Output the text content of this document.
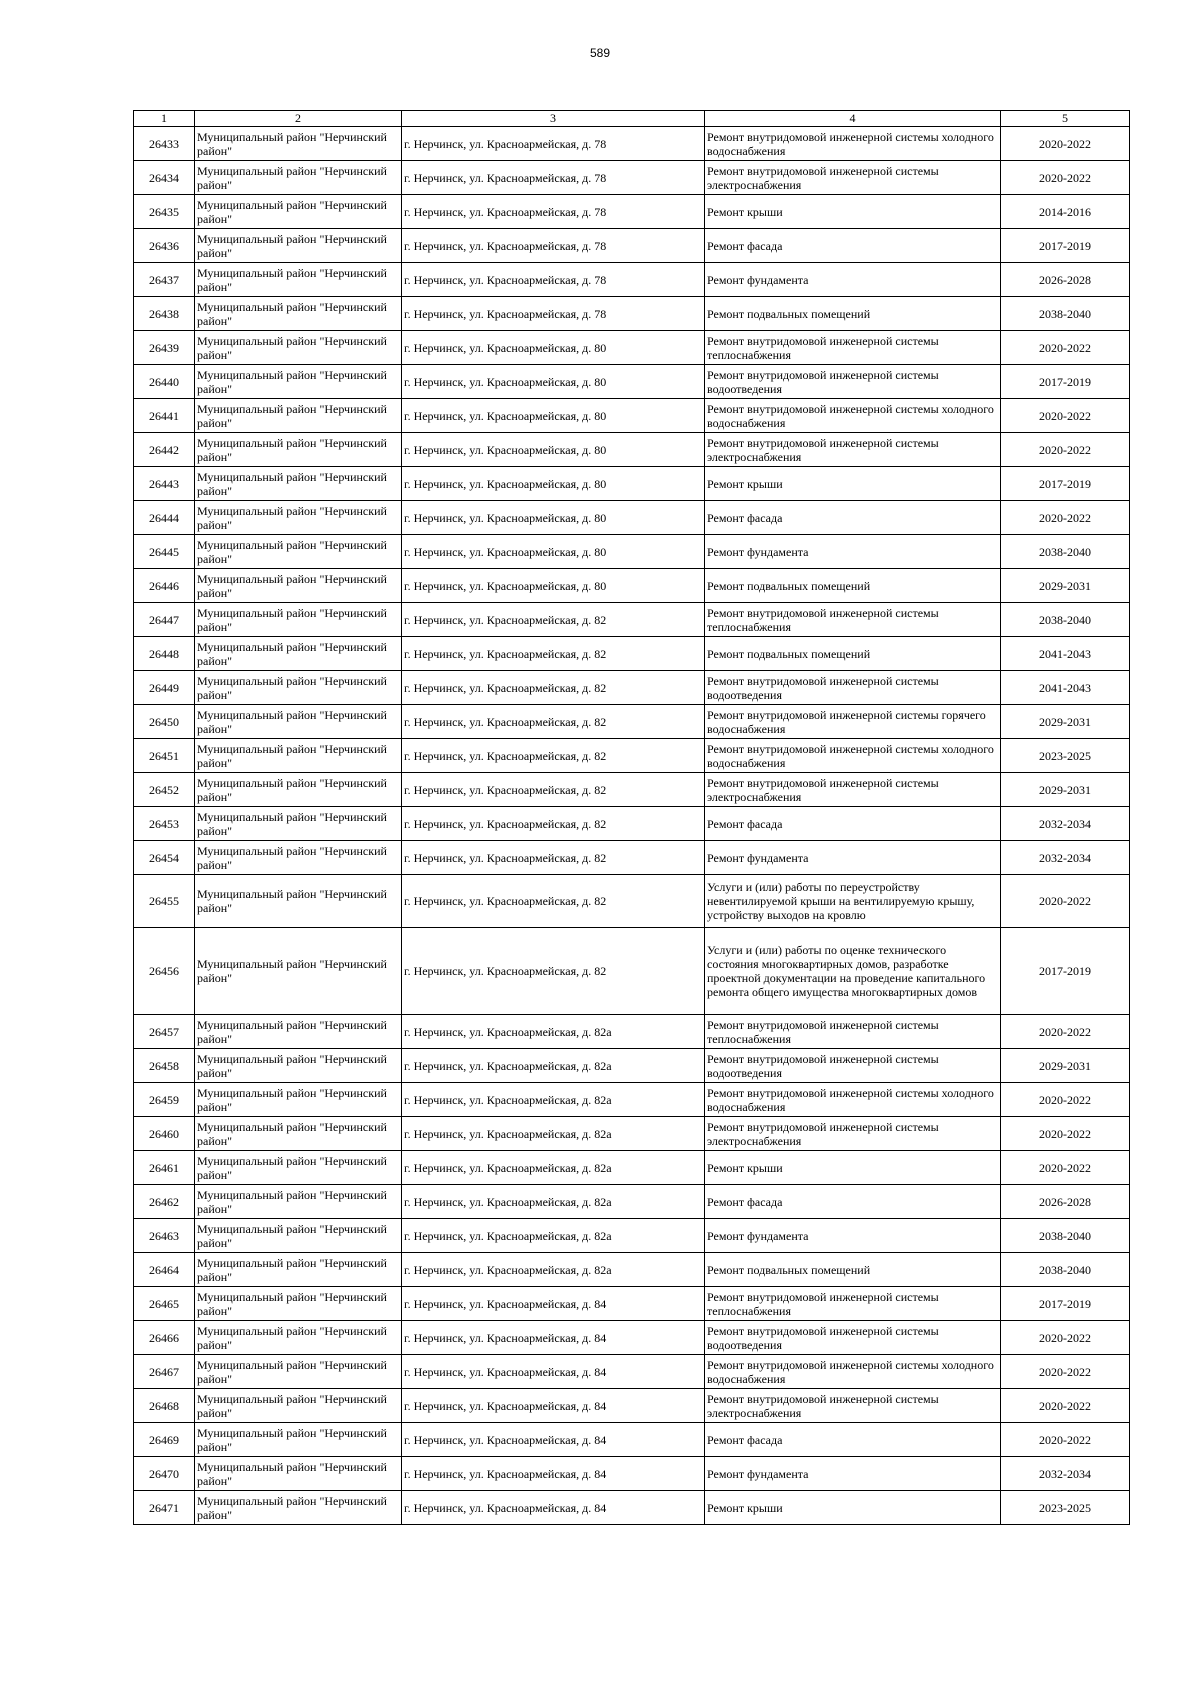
589
1	2	3	4	5
26433	Муниципальный район "Нерчинский район"	г. Нерчинск, ул. Красноармейская, д. 78	Ремонт внутридомовой инженерной системы холодного водоснабжения	2020-2022
26434	Муниципальный район "Нерчинский район"	г. Нерчинск, ул. Красноармейская, д. 78	Ремонт внутридомовой инженерной системы электроснабжения	2020-2022
26435	Муниципальный район "Нерчинский район"	г. Нерчинск, ул. Красноармейская, д. 78	Ремонт крыши	2014-2016
26436	Муниципальный район "Нерчинский район"	г. Нерчинск, ул. Красноармейская, д. 78	Ремонт фасада	2017-2019
26437	Муниципальный район "Нерчинский район"	г. Нерчинск, ул. Красноармейская, д. 78	Ремонт фундамента	2026-2028
26438	Муниципальный район "Нерчинский район"	г. Нерчинск, ул. Красноармейская, д. 78	Ремонт подвальных помещений	2038-2040
26439	Муниципальный район "Нерчинский район"	г. Нерчинск, ул. Красноармейская, д. 80	Ремонт внутридомовой инженерной системы теплоснабжения	2020-2022
26440	Муниципальный район "Нерчинский район"	г. Нерчинск, ул. Красноармейская, д. 80	Ремонт внутридомовой инженерной системы водоотведения	2017-2019
26441	Муниципальный район "Нерчинский район"	г. Нерчинск, ул. Красноармейская, д. 80	Ремонт внутридомовой инженерной системы холодного водоснабжения	2020-2022
26442	Муниципальный район "Нерчинский район"	г. Нерчинск, ул. Красноармейская, д. 80	Ремонт внутридомовой инженерной системы электроснабжения	2020-2022
26443	Муниципальный район "Нерчинский район"	г. Нерчинск, ул. Красноармейская, д. 80	Ремонт крыши	2017-2019
26444	Муниципальный район "Нерчинский район"	г. Нерчинск, ул. Красноармейская, д. 80	Ремонт фасада	2020-2022
26445	Муниципальный район "Нерчинский район"	г. Нерчинск, ул. Красноармейская, д. 80	Ремонт фундамента	2038-2040
26446	Муниципальный район "Нерчинский район"	г. Нерчинск, ул. Красноармейская, д. 80	Ремонт подвальных помещений	2029-2031
26447	Муниципальный район "Нерчинский район"	г. Нерчинск, ул. Красноармейская, д. 82	Ремонт внутридомовой инженерной системы теплоснабжения	2038-2040
26448	Муниципальный район "Нерчинский район"	г. Нерчинск, ул. Красноармейская, д. 82	Ремонт подвальных помещений	2041-2043
26449	Муниципальный район "Нерчинский район"	г. Нерчинск, ул. Красноармейская, д. 82	Ремонт внутридомовой инженерной системы водоотведения	2041-2043
26450	Муниципальный район "Нерчинский район"	г. Нерчинск, ул. Красноармейская, д. 82	Ремонт внутридомовой инженерной системы горячего водоснабжения	2029-2031
26451	Муниципальный район "Нерчинский район"	г. Нерчинск, ул. Красноармейская, д. 82	Ремонт внутридомовой инженерной системы холодного водоснабжения	2023-2025
26452	Муниципальный район "Нерчинский район"	г. Нерчинск, ул. Красноармейская, д. 82	Ремонт внутридомовой инженерной системы электроснабжения	2029-2031
26453	Муниципальный район "Нерчинский район"	г. Нерчинск, ул. Красноармейская, д. 82	Ремонт фасада	2032-2034
26454	Муниципальный район "Нерчинский район"	г. Нерчинск, ул. Красноармейская, д. 82	Ремонт фундамента	2032-2034
26455	Муниципальный район "Нерчинский район"	г. Нерчинск, ул. Красноармейская, д. 82	Услуги и (или) работы по переустройству невентилируемой крыши на вентилируемую крышу, устройству выходов на кровлю	2020-2022
26456	Муниципальный район "Нерчинский район"	г. Нерчинск, ул. Красноармейская, д. 82	Услуги и (или) работы по оценке технического состояния многоквартирных домов, разработке проектной документации на проведение капитального ремонта общего имущества многоквартирных домов	2017-2019
26457	Муниципальный район "Нерчинский район"	г. Нерчинск, ул. Красноармейская, д. 82а	Ремонт внутридомовой инженерной системы теплоснабжения	2020-2022
26458	Муниципальный район "Нерчинский район"	г. Нерчинск, ул. Красноармейская, д. 82а	Ремонт внутридомовой инженерной системы водоотведения	2029-2031
26459	Муниципальный район "Нерчинский район"	г. Нерчинск, ул. Красноармейская, д. 82а	Ремонт внутридомовой инженерной системы холодного водоснабжения	2020-2022
26460	Муниципальный район "Нерчинский район"	г. Нерчинск, ул. Красноармейская, д. 82а	Ремонт внутридомовой инженерной системы электроснабжения	2020-2022
26461	Муниципальный район "Нерчинский район"	г. Нерчинск, ул. Красноармейская, д. 82а	Ремонт крыши	2020-2022
26462	Муниципальный район "Нерчинский район"	г. Нерчинск, ул. Красноармейская, д. 82а	Ремонт фасада	2026-2028
26463	Муниципальный район "Нерчинский район"	г. Нерчинск, ул. Красноармейская, д. 82а	Ремонт фундамента	2038-2040
26464	Муниципальный район "Нерчинский район"	г. Нерчинск, ул. Красноармейская, д. 82а	Ремонт подвальных помещений	2038-2040
26465	Муниципальный район "Нерчинский район"	г. Нерчинск, ул. Красноармейская, д. 84	Ремонт внутридомовой инженерной системы теплоснабжения	2017-2019
26466	Муниципальный район "Нерчинский район"	г. Нерчинск, ул. Красноармейская, д. 84	Ремонт внутридомовой инженерной системы водоотведения	2020-2022
26467	Муниципальный район "Нерчинский район"	г. Нерчинск, ул. Красноармейская, д. 84	Ремонт внутридомовой инженерной системы холодного водоснабжения	2020-2022
26468	Муниципальный район "Нерчинский район"	г. Нерчинск, ул. Красноармейская, д. 84	Ремонт внутридомовой инженерной системы электроснабжения	2020-2022
26469	Муниципальный район "Нерчинский район"	г. Нерчинск, ул. Красноармейская, д. 84	Ремонт фасада	2020-2022
26470	Муниципальный район "Нерчинский район"	г. Нерчинск, ул. Красноармейская, д. 84	Ремонт фундамента	2032-2034
26471	Муниципальный район "Нерчинский район"	г. Нерчинск, ул. Красноармейская, д. 84	Ремонт крыши	2023-2025
